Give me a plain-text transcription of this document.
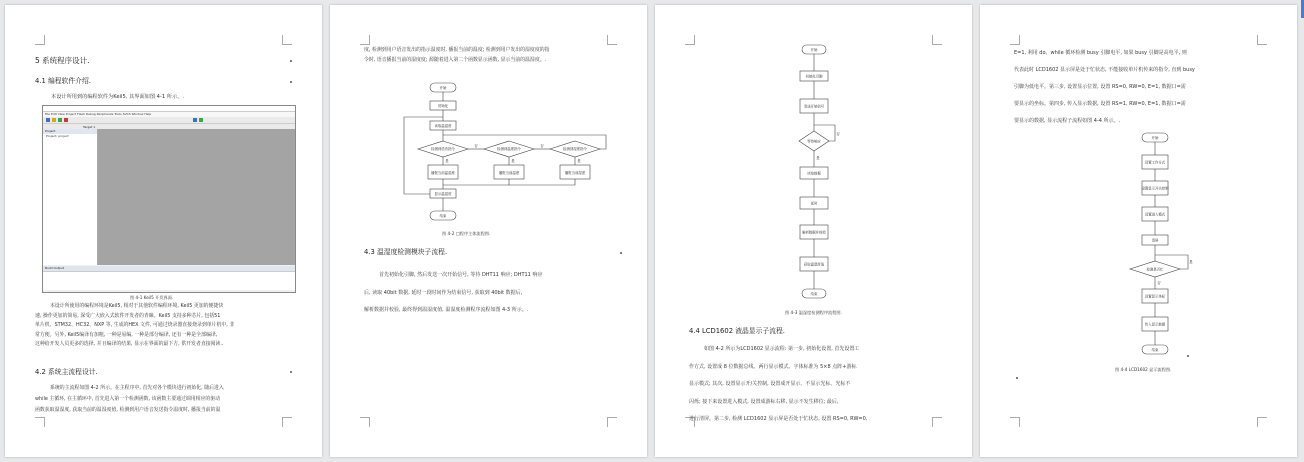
5 系统程序设计.
4.1 编程软件介绍.

本设计所用到的编程软件为Keil5, 其界面如图 4-1 所示。.

File Edit View Project Flash Debug Peripherals Tools SVCS Window Help
Target 1
Project
Project: project
Build Output
图 4-1 Keil5 开发界面.

本设计所使用的编程环境是Keil5, 相对于其他软件编程环境, Keil5 更加的便捷快

速, 操作更加的简易, 深受广大嵌入式软件开发者的青睐。Keil5 支持多种芯片, 包括51

单片机、STM32、HC32、NXP 等, 生成的HEX 文件, 可通过烧录器直接烧录到单片机中, 非

常方便。另外, Keil5编译有加粗, 一种是易编, 一种是部分编译, 还有一种是全部编译,

这种给开发人员更多的选择, 并且编译的结果, 显示在界面的最下方, 供开发者直接阅读..

4.2 系统主流程设计.

系统的主流程如图 4-2 所示。在主程序中, 首先对各个模块进行初始化, 随后进入

while 主循环, 在主循环中, 首先进入第一个检测函数, 该函数主要通过调用相应的驱动

函数获取温湿度, 获取当前的温湿度值, 检测到用户语音发送指令温度时, 播报当前的温

度, 检测到用户语音发出的指示温度时, 播报当前的温度; 检测到用户发出的湿度度的指

令时, 语音播报当前的湿度度; 源随着进入第二个函数显示函数, 显示当前的温湿度。.

开始
初始化
读取温湿度
检测到语音指令
否
检测到温度指令
否
检测到湿度指令
是	是	是
播报当前温湿度	播报当前温度	播报当前湿度
显示温湿度
结束
图 4-2 □程序主体流程图.
4.3 温湿度检测模块子流程.

首先初始化引脚, 然后发送一次开始信号, 等待 DHT11 响应; DHT11 响应

后, 读取 40bit 数据, 延时一段时间作为结束信号, 获取到 40bit 数据后,

解析数据并校验, 最终得到温湿度值, 温湿度检测程序流程如图 4-3 所示。.

开始
初始化引脚
发送开始信号
等待响应
否
是
读取数据
延时
解析数据并校验
获取温湿度值
结束
图 4-3 温湿度检测程序流程图.
4.4 LCD1602 液晶显示子流程.

如图 4-2 所示为LCD1602 显示流程: 第一步, 初始化设置, 首先设置工

作方式, 设置成 8 位数据总线、两行显示模式、字体标准为 5×8 点阵+游标

显示模式; 其次, 设置显示开/关控制, 设置成开显示、不显示光标、光标不

闪烁; 接下来设置进入模式, 设置成游标右移, 显示不发生移位; 最后,

进行清屏。第二步, 检测 LCD1602 显示屏是否处于忙状态, 设置 RS=0, RW=0,

E=1, 利用 do、while 循环检测 busy 引脚电平, 如果 busy 引脚是高电平, 则

代表此时 LCD1602 显示屏是处于忙状态, 不能接收单片机传来的指令, 直到 busy

引脚为低电平。第三步, 设置显示位置, 设置 RS=0, RW=0, E=1, 数据口=需

要显示的坐标。第四步, 传入显示数据, 设置 RS=1, RW=0, E=1, 数据口=需

要显示的数据, 显示流程子流程如图 4-4 所示。.

开始
设置工作方式
设置显示开关控制
设置进入模式
清屏
检测是否忙
是
否
设置显示坐标
传入显示数据
结束
图 4-4 LCD1602 显示流程图.
